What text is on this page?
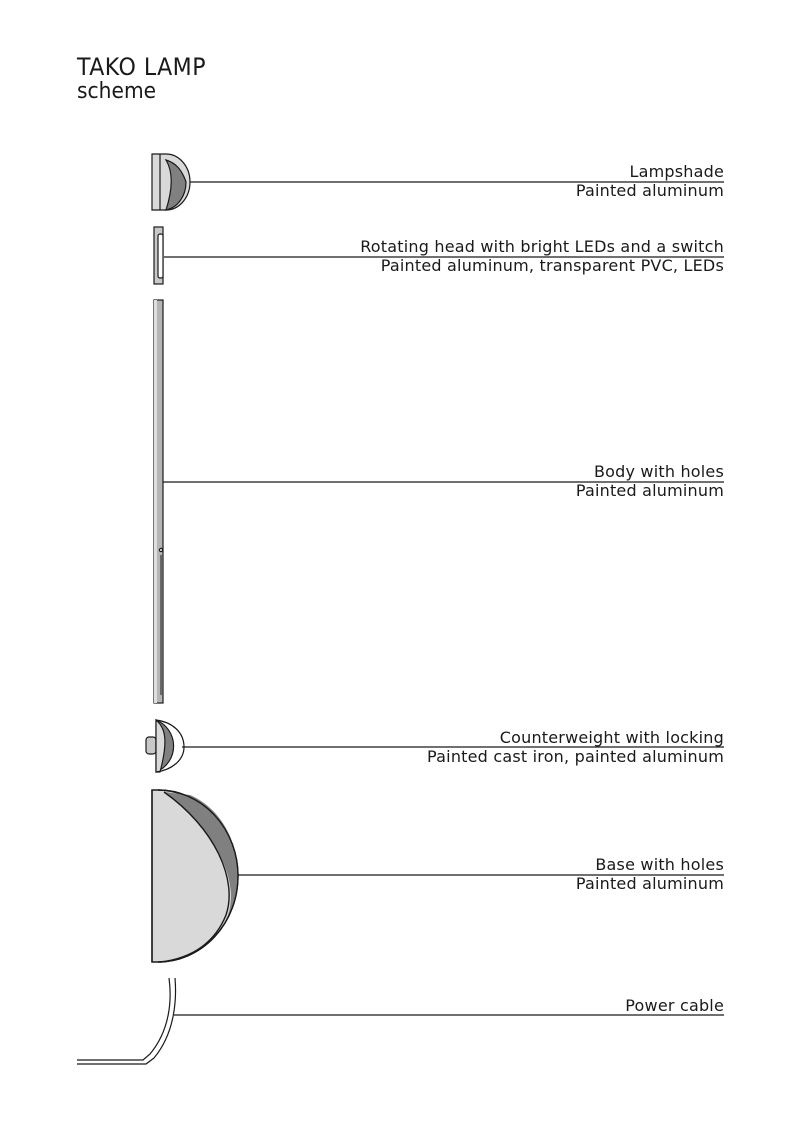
TAKO LAMP
scheme
Lampshade
Painted aluminum
Rotating head with bright LEDs and a switch
Painted aluminum, transparent PVC, LEDs
Body with holes
Painted aluminum
Counterweight with locking
Painted cast iron, painted aluminum
Base with holes
Painted aluminum
Power cable
